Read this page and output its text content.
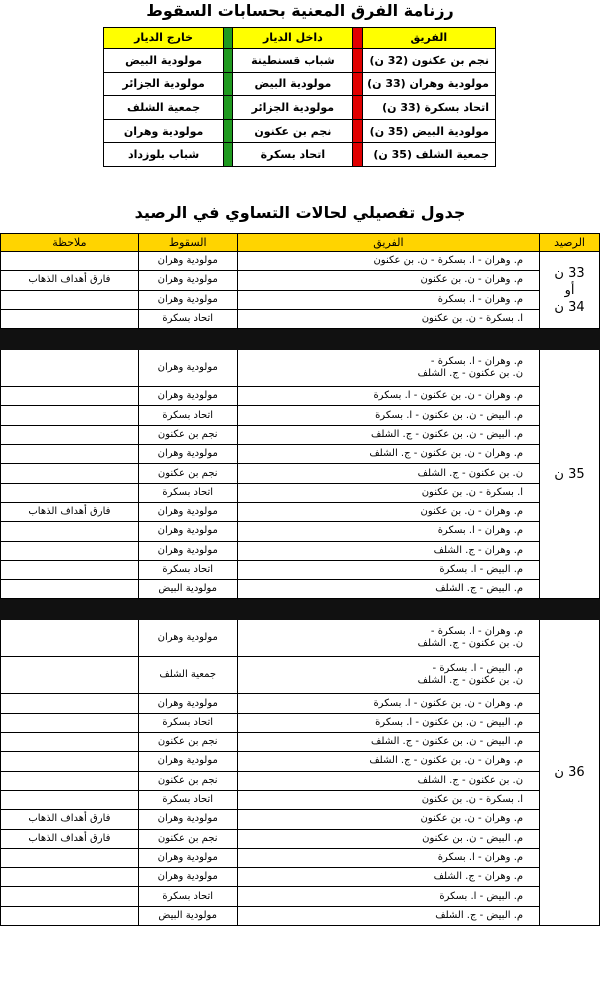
رزنامة الفرق المعنية بحسابات السقوط
الفريق		داخل الديار		خارج الديار
نجم بن عكنون (32 ن)		شباب قسنطينة		مولودية البيض
مولودية وهران (33 ن)		مولودية البيض		مولودية الجزائر
اتحاد بسكرة (33 ن)		مولودية الجزائر		جمعية الشلف
مولودية البيض (35 ن)		نجم بن عكنون		مولودية وهران
جمعية الشلف (35 ن)		اتحاد بسكرة		شباب بلوزداد
جدول تفصيلي لحالات التساوي في الرصيد
الرصيد	الفريق	السقوط	ملاحظة

33 ن
أو
34 ن	م. وهران - ا. بسكرة - ن. بن عكنون	مولودية وهران	

	م. وهران - ن. بن عكنون	مولودية وهران	فارق أهداف الذهاب

	م. وهران - ا. بسكرة	مولودية وهران	

	ا. بسكرة - ن. بن عكنون	اتحاد بسكرة	

35 ن	م. وهران - ا. بسكرة -
ن. بن عكنون - ج. الشلف	مولودية وهران	

	م. وهران - ن. بن عكنون - ا. بسكرة	مولودية وهران	

	م. البيض - ن. بن عكنون - ا. بسكرة	اتحاد بسكرة	

	م. البيض - ن. بن عكنون - ج. الشلف	نجم بن عكنون	

	م. وهران - ن. بن عكنون - ج. الشلف	مولودية وهران	

	ن. بن عكنون - ج. الشلف	نجم بن عكنون	

	ا. بسكرة - ن. بن عكنون	اتحاد بسكرة	

	م. وهران - ن. بن عكنون	مولودية وهران	فارق أهداف الذهاب

	م. وهران - ا. بسكرة	مولودية وهران	

	م. وهران - ج. الشلف	مولودية وهران	

	م. البيض - ا. بسكرة	اتحاد بسكرة	

	م. البيض - ج. الشلف	مولودية البيض	

36 ن	م. وهران - ا. بسكرة -
ن. بن عكنون - ج. الشلف	مولودية وهران	

	م. البيض - ا. بسكرة -
ن. بن عكنون - ج. الشلف	جمعية الشلف	

	م. وهران - ن. بن عكنون - ا. بسكرة	مولودية وهران	

	م. البيض - ن. بن عكنون - ا. بسكرة	اتحاد بسكرة	

	م. البيض - ن. بن عكنون - ج. الشلف	نجم بن عكنون	

	م. وهران - ن. بن عكنون - ج. الشلف	مولودية وهران	

	ن. بن عكنون - ج. الشلف	نجم بن عكنون	

	ا. بسكرة - ن. بن عكنون	اتحاد بسكرة	

	م. وهران - ن. بن عكنون	مولودية وهران	فارق أهداف الذهاب

	م. البيض - ن. بن عكنون	نجم بن عكنون	فارق أهداف الذهاب

	م. وهران - ا. بسكرة	مولودية وهران	

	م. وهران - ج. الشلف	مولودية وهران	

	م. البيض - ا. بسكرة	اتحاد بسكرة	

	م. البيض - ج. الشلف	مولودية البيض	
